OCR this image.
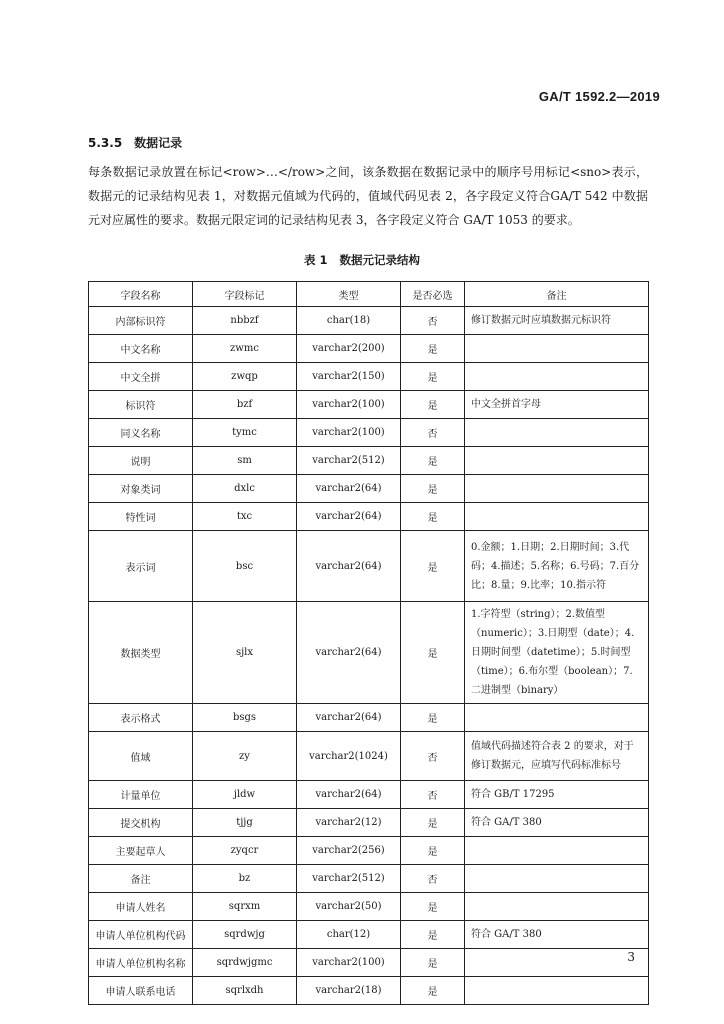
GA/T 1592.2—2019
5.3.5 数据记录

每条数据记录放置在标记<row>…</row>之间，该条数据在数据记录中的顺序号用标记<sno>表示，数据元的记录结构见表 1，对数据元值域为代码的，值域代码见表 2，各字段定义符合GA/T 542 中数据元对应属性的要求。数据元限定词的记录结构见表 3，各字段定义符合 GA/T 1053 的要求。

表 1 数据元记录结构
字段名称	字段标记	类型	是否必选	备注
内部标识符	nbbzf	char(18)	否	修订数据元时应填数据元标识符
中文名称	zwmc	varchar2(200)	是	
中文全拼	zwqp	varchar2(150)	是	
标识符	bzf	varchar2(100)	是	中文全拼首字母
同义名称	tymc	varchar2(100)	否	
说明	sm	varchar2(512)	是	
对象类词	dxlc	varchar2(64)	是	
特性词	txc	varchar2(64)	是	
表示词	bsc	varchar2(64)	是	0.金额；1.日期；2.日期时间；3.代码；4.描述；5.名称；6.号码；7.百分比；8.量；9.比率；10.指示符
数据类型	sjlx	varchar2(64)	是	1.字符型（string）；2.数值型（numeric）；3.日期型（date）；4.日期时间型（datetime）；5.时间型（time）；6.布尔型（boolean）；7.二进制型（binary）
表示格式	bsgs	varchar2(64)	是	
值域	zy	varchar2(1024)	否	值域代码描述符合表 2 的要求，对于修订数据元，应填写代码标准标号
计量单位	jldw	varchar2(64)	否	符合 GB/T 17295
提交机构	tjjg	varchar2(12)	是	符合 GA/T 380
主要起草人	zyqcr	varchar2(256)	是	
备注	bz	varchar2(512)	否	
申请人姓名	sqrxm	varchar2(50)	是	
申请人单位机构代码	sqrdwjg	char(12)	是	符合 GA/T 380
申请人单位机构名称	sqrdwjgmc	varchar2(100)	是	
申请人联系电话	sqrlxdh	varchar2(18)	是	
3
